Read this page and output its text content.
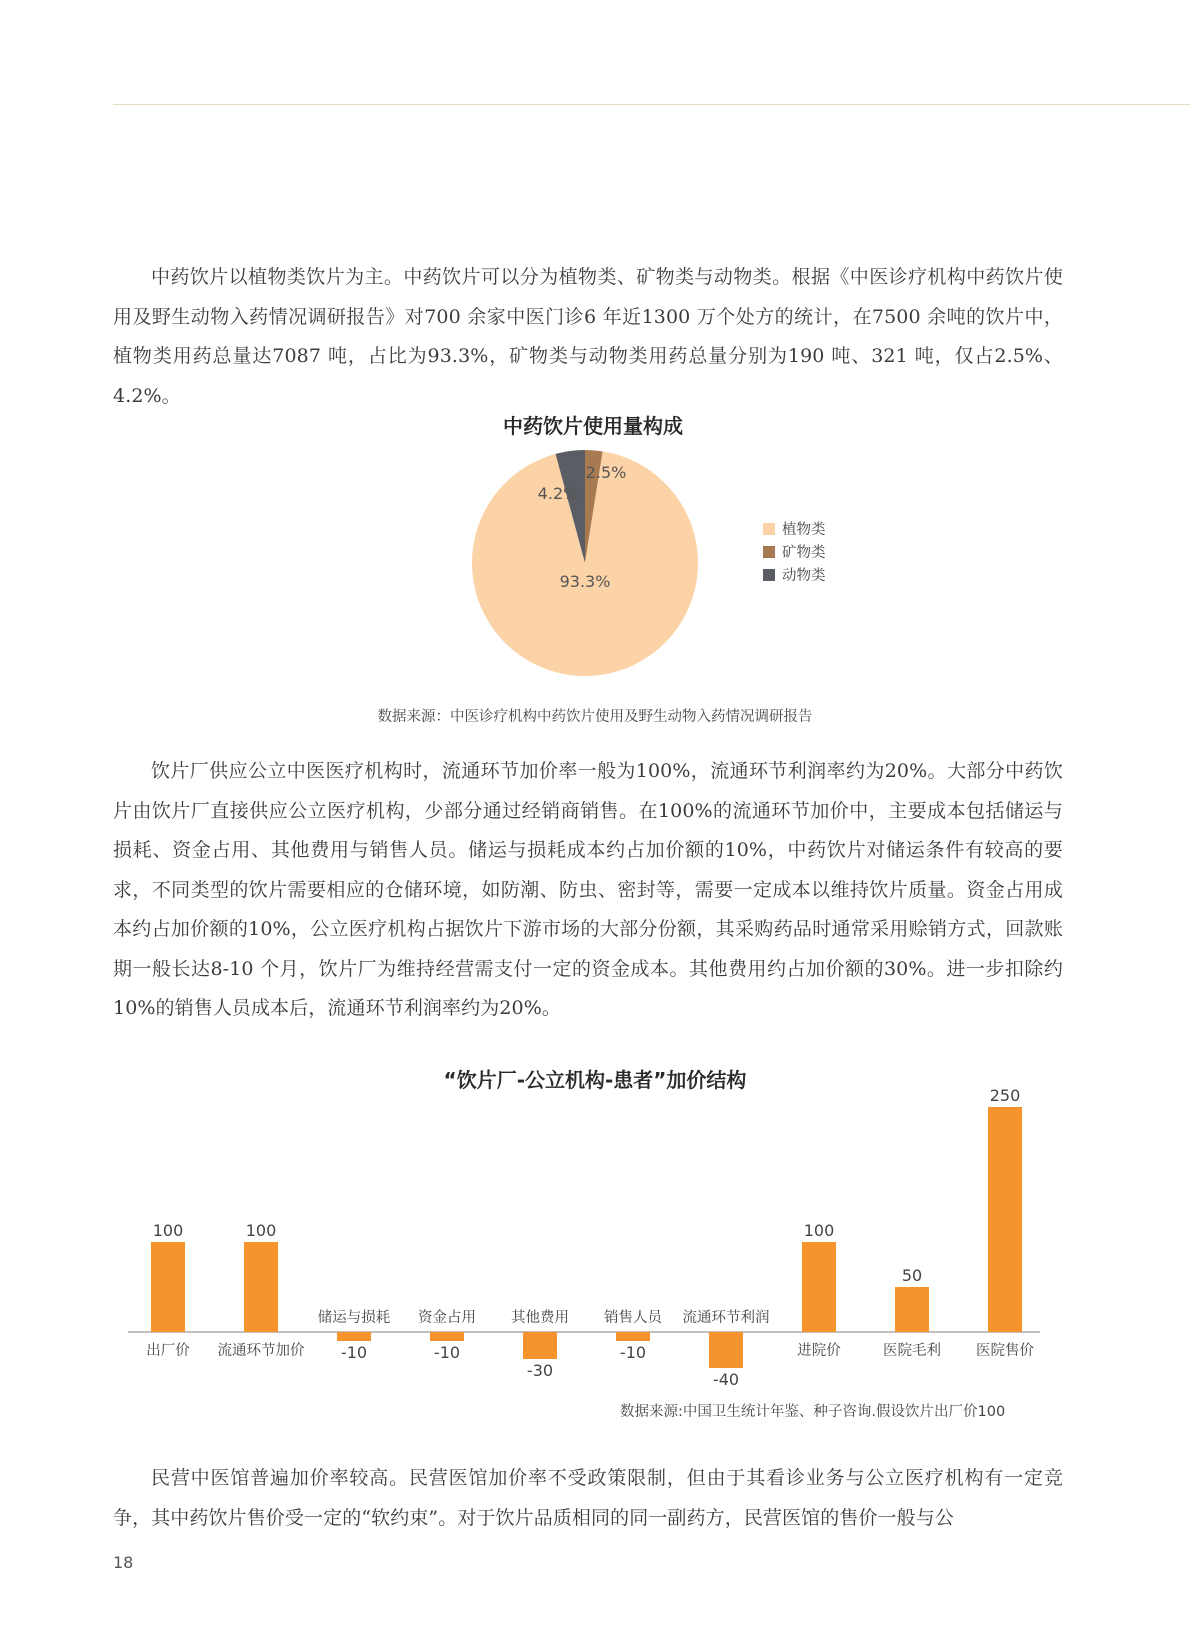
中药饮片以植物类饮片为主。中药饮片可以分为植物类、矿物类与动物类。根据《中医诊疗机构中药饮片使用及野生动物入药情况调研报告》对700 余家中医门诊6 年近1300 万个处方的统计，在7500 余吨的饮片中，植物类用药总量达7087 吨，占比为93.3%，矿物类与动物类用药总量分别为190 吨、321 吨，仅占2.5%、4.2%。

中药饮片使用量构成

93.3%
2.5%
4.2%
植物类
矿物类
动物类

数据来源：中医诊疗机构中药饮片使用及野生动物入药情况调研报告

饮片厂供应公立中医医疗机构时，流通环节加价率一般为100%，流通环节利润率约为20%。大部分中药饮片由饮片厂直接供应公立医疗机构，少部分通过经销商销售。在100%的流通环节加价中，主要成本包括储运与损耗、资金占用、其他费用与销售人员。储运与损耗成本约占加价额的10%，中药饮片对储运条件有较高的要求，不同类型的饮片需要相应的仓储环境，如防潮、防虫、密封等，需要一定成本以维持饮片质量。资金占用成本约占加价额的10%，公立医疗机构占据饮片下游市场的大部分份额，其采购药品时通常采用赊销方式，回款账期一般长达8-10 个月，饮片厂为维持经营需支付一定的资金成本。其他费用约占加价额的30%。进一步扣除约10%的销售人员成本后，流通环节利润率约为20%。

“饮片厂-公立机构-患者”加价结构

100
出厂价
100
流通环节加价 -10
储运与损耗
-10
资金占用
-30
其他费用
-10
销售人员
-40
流通环节利润
100
进院价
50
医院毛利
250
医院售价

数据来源:中国卫生统计年鉴、种子咨询.假设饮片出厂价100

民营中医馆普遍加价率较高。民营医馆加价率不受政策限制，但由于其看诊业务与公立医疗机构有一定竞争，其中药饮片售价受一定的“软约束”。对于饮片品质相同的同一副药方，民营医馆的售价一般与公

18
